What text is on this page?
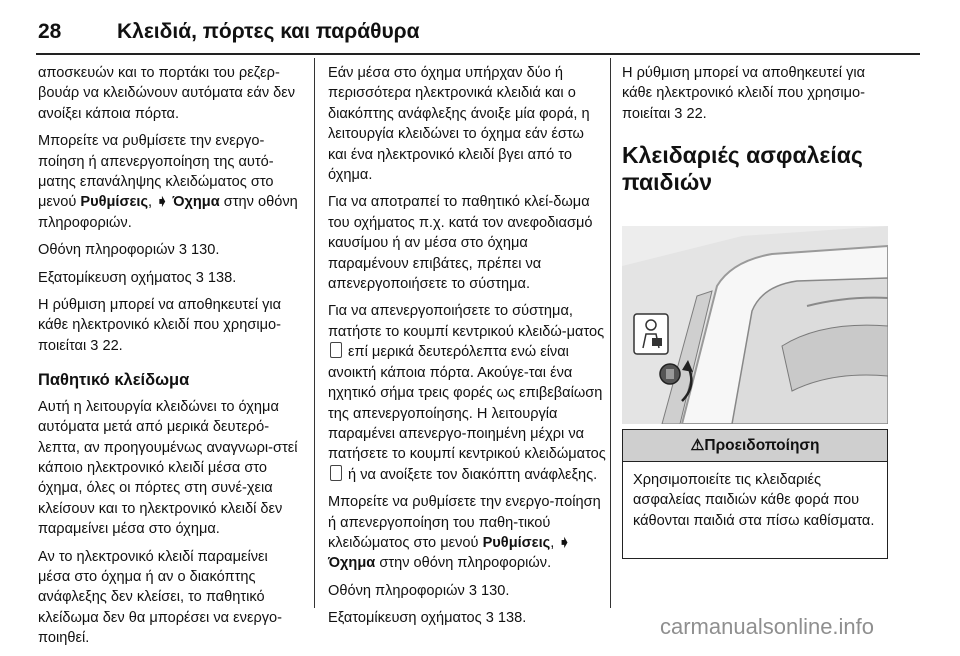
28	Κλειδιά, πόρτες και παράθυρα

αποσκευών και το πορτάκι του ρεζερ-βουάρ να κλειδώνουν αυτόματα εάν δεν ανοίξει κάποια πόρτα.

Μπορείτε να ρυθμίσετε την ενεργο-ποίηση ή απενεργοποίηση της αυτό-ματης επανάληψης κλειδώματος στο μενού Ρυθμίσεις, ➧ Όχημα στην οθόνη πληροφοριών.

Οθόνη πληροφοριών 3 130.

Εξατομίκευση οχήματος 3 138.

Η ρύθμιση μπορεί να αποθηκευτεί για κάθε ηλεκτρονικό κλειδί που χρησιμο-ποιείται 3 22.

Παθητικό κλείδωμα

Αυτή η λειτουργία κλειδώνει το όχημα αυτόματα μετά από μερικά δευτερό-λεπτα, αν προηγουμένως αναγνωρι-στεί κάποιο ηλεκτρονικό κλειδί μέσα στο όχημα, όλες οι πόρτες στη συνέ-χεια κλείσουν και το ηλεκτρονικό κλειδί δεν παραμείνει μέσα στο όχημα.

Αν το ηλεκτρονικό κλειδί παραμείνει μέσα στο όχημα ή αν ο διακόπτης ανάφλεξης δεν κλείσει, το παθητικό κλείδωμα δεν θα μπορέσει να ενεργο-ποιηθεί.

Εάν μέσα στο όχημα υπήρχαν δύο ή περισσότερα ηλεκτρονικά κλειδιά και ο διακόπτης ανάφλεξης άνοιξε μία φορά, η λειτουργία κλειδώνει το όχημα εάν έστω και ένα ηλεκτρονικό κλειδί βγει από το όχημα.

Για να αποτραπεί το παθητικό κλεί-δωμα του οχήματος π.χ. κατά τον ανεφοδιασμό καυσίμου ή αν μέσα στο όχημα παραμένουν επιβάτες, πρέπει να απενεργοποιήσετε το σύστημα.

Για να απενεργοποιήσετε το σύστημα, πατήστε το κουμπί κεντρικού κλειδώ-ματος  επί μερικά δευτερόλεπτα ενώ είναι ανοικτή κάποια πόρτα. Ακούγε-ται ένα ηχητικό σήμα τρεις φορές ως επιβεβαίωση της απενεργοποίησης. Η λειτουργία παραμένει απενεργο-ποιημένη μέχρι να πατήσετε το κουμπί κεντρικού κλειδώματος  ή να ανοίξετε τον διακόπτη ανάφλεξης.

Μπορείτε να ρυθμίσετε την ενεργο-ποίηση ή απενεργοποίηση του παθη-τικού κλειδώματος στο μενού Ρυθμίσεις, ➧ Όχημα στην οθόνη πληροφοριών.

Οθόνη πληροφοριών 3 130.

Εξατομίκευση οχήματος 3 138.

Η ρύθμιση μπορεί να αποθηκευτεί για κάθε ηλεκτρονικό κλειδί που χρησιμο-ποιείται 3 22.

Κλειδαριές ασφαλείας παιδιών
⚠ Προειδοποίηση
Χρησιμοποιείτε τις κλειδαριές ασφαλείας παιδιών κάθε φορά που κάθονται παιδιά στα πίσω καθίσματα.
carmanualsonline.info
